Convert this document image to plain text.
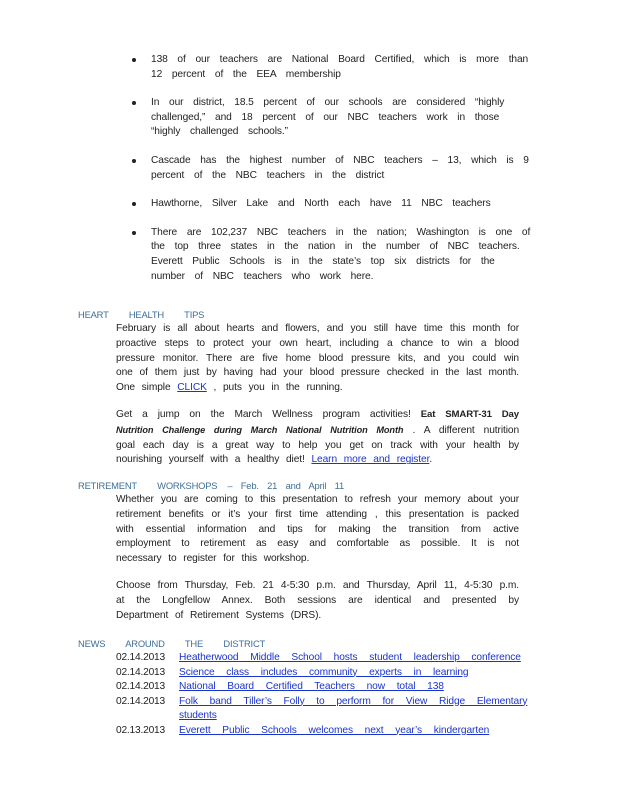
138 of our teachers are National Board Certified, which is more than 12 percent of the EEA membership
In our district, 18.5 percent of our schools are considered “highly challenged,” and 18 percent of our NBC teachers work in those “highly challenged schools.”
Cascade has the highest number of NBC teachers – 13, which is 9 percent of the NBC teachers in the district
Hawthorne, Silver Lake and North each have 11 NBC teachers
There are 102,237 NBC teachers in the nation; Washington is one of the top three states in the nation in the number of NBC teachers. Everett Public Schools is in the state’s top six districts for the number of NBC teachers who work here.
HEART HEALTH TIPS

February is all about hearts and flowers, and you still have time this month for proactive steps to protect your own heart, including a chance to win a blood pressure monitor. There are five home blood pressure kits, and you could win one of them just by having had your blood pressure checked in the last month. One simple CLICK , puts you in the running.

Get a jump on the March Wellness program activities! Eat SMART-31 Day Nutrition Challenge during March National Nutrition Month . A different nutrition goal each day is a great way to help you get on track with your health by nourishing yourself with a healthy diet! Learn more and register.

RETIREMENT WORKSHOPS – Feb. 21 and April 11

Whether you are coming to this presentation to refresh your memory about your retirement benefits or it’s your first time attending , this presentation is packed with essential information and tips for making the transition from active employment to retirement as easy and comfortable as possible. It is not necessary to register for this workshop.

Choose from Thursday, Feb. 21 4-5:30 p.m. and Thursday, April 11, 4-5:30 p.m. at the Longfellow Annex. Both sessions are identical and presented by Department of Retirement Systems (DRS).

NEWS AROUND THE DISTRICT
02.14.2013	Heatherwood Middle School hosts student leadership conference
02.14.2013	Science class includes community experts in learning
02.14.2013	National Board Certified Teachers now total 138
02.14.2013	Folk band Tiller’s Folly to perform for View Ridge Elementary students
02.13.2013	Everett Public Schools welcomes next year’s kindergarten
